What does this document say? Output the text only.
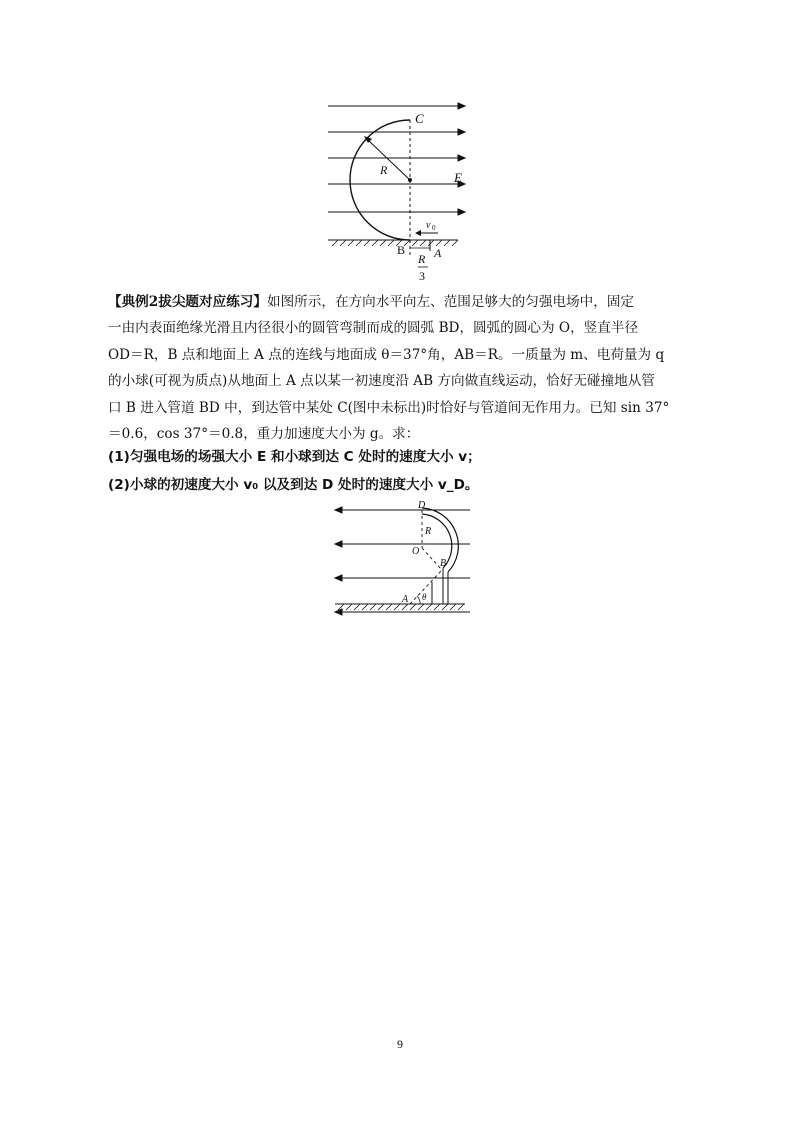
C
R	E
v 0
B A
R
3
【典例2拔尖题对应练习】如图所示，在方向水平向左、范围足够大的匀强电场中，固定
一由内表面绝缘光滑且内径很小的圆管弯制而成的圆弧 BD，圆弧的圆心为 O，竖直半径
OD＝R，B 点和地面上 A 点的连线与地面成 θ＝37°角，AB＝R。一质量为 m、电荷量为 q
的小球(可视为质点)从地面上 A 点以某一初速度沿 AB 方向做直线运动，恰好无碰撞地从管
口 B 进入管道 BD 中，到达管中某处 C(图中未标出)时恰好与管道间无作用力。已知 sin 37°
＝0.6，cos 37°＝0.8，重力加速度大小为 g。求：
(1)匀强电场的场强大小 E 和小球到达 C 处时的速度大小 v；
(2)小球的初速度大小 v₀ 以及到达 D 处时的速度大小 v_D。
D
R
O
B
A θ
9
